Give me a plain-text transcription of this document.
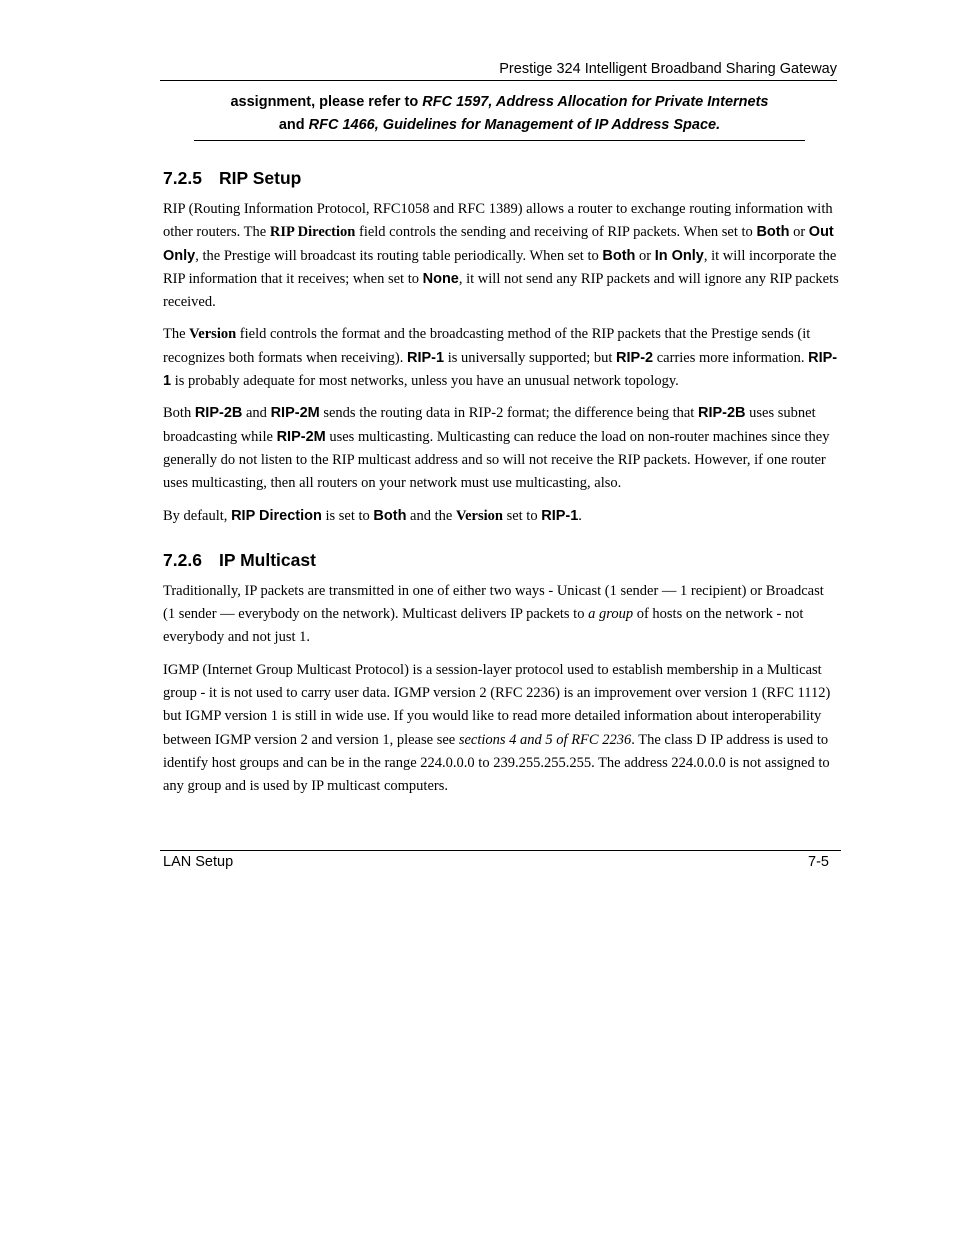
Prestige 324 Intelligent Broadband Sharing Gateway
assignment, please refer to RFC 1597, Address Allocation for Private Internets
and RFC 1466, Guidelines for Management of IP Address Space.
7.2.5 RIP Setup

RIP (Routing Information Protocol, RFC1058 and RFC 1389) allows a router to exchange routing information with other routers. The RIP Direction field controls the sending and receiving of RIP packets. When set to Both or Out Only, the Prestige will broadcast its routing table periodically. When set to Both or In Only, it will incorporate the RIP information that it receives; when set to None, it will not send any RIP packets and will ignore any RIP packets received.

The Version field controls the format and the broadcasting method of the RIP packets that the Prestige sends (it recognizes both formats when receiving). RIP-1 is universally supported; but RIP-2 carries more information. RIP-1 is probably adequate for most networks, unless you have an unusual network topology.

Both RIP-2B and RIP-2M sends the routing data in RIP-2 format; the difference being that RIP-2B uses subnet broadcasting while RIP-2M uses multicasting. Multicasting can reduce the load on non-router machines since they generally do not listen to the RIP multicast address and so will not receive the RIP packets. However, if one router uses multicasting, then all routers on your network must use multicasting, also.

By default, RIP Direction is set to Both and the Version set to RIP-1.

7.2.6 IP Multicast

Traditionally, IP packets are transmitted in one of either two ways - Unicast (1 sender — 1 recipient) or Broadcast (1 sender — everybody on the network). Multicast delivers IP packets to a group of hosts on the network - not everybody and not just 1.

IGMP (Internet Group Multicast Protocol) is a session-layer protocol used to establish membership in a Multicast group - it is not used to carry user data. IGMP version 2 (RFC 2236) is an improvement over version 1 (RFC 1112) but IGMP version 1 is still in wide use. If you would like to read more detailed information about interoperability between IGMP version 2 and version 1, please see sections 4 and 5 of RFC 2236. The class D IP address is used to identify host groups and can be in the range 224.0.0.0 to 239.255.255.255. The address 224.0.0.0 is not assigned to any group and is used by IP multicast computers.

LAN Setup	7-5
